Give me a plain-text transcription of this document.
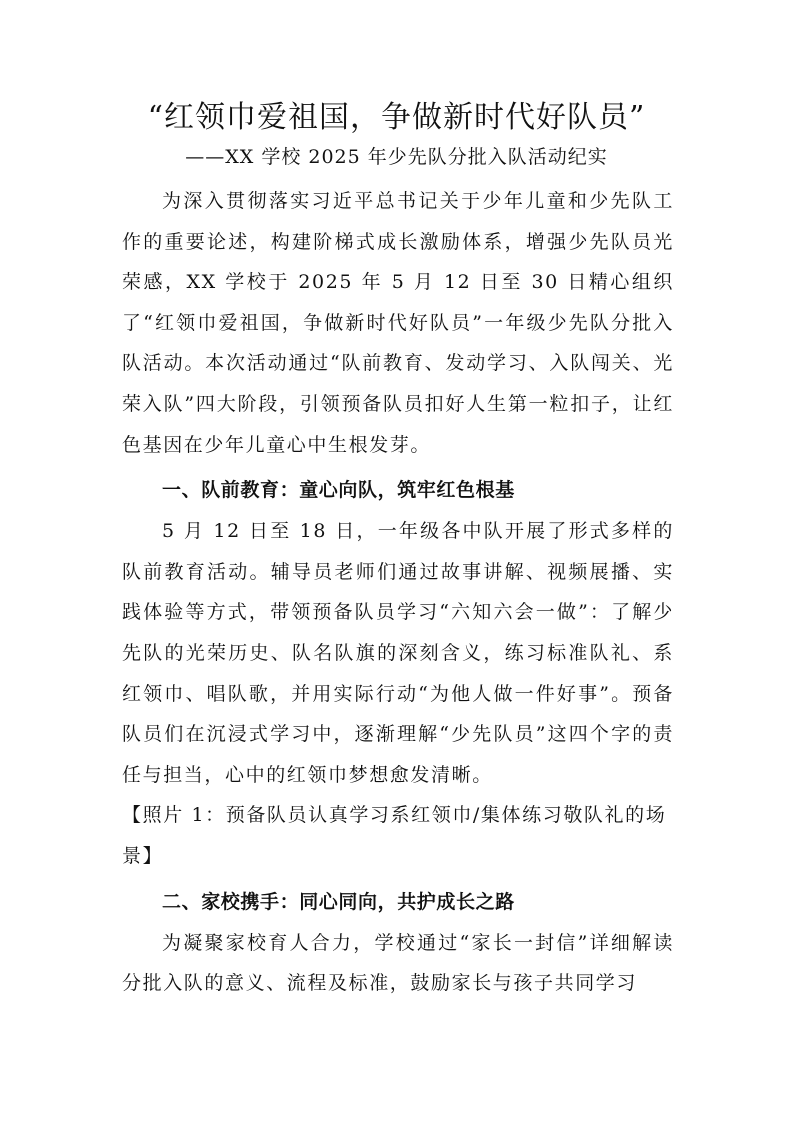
“红领巾爱祖国，争做新时代好队员”
——XX 学校 2025 年少先队分批入队活动纪实

为深入贯彻落实习近平总书记关于少年儿童和少先队工作的重要论述，构建阶梯式成长激励体系，增强少先队员光荣感，XX 学校于 2025 年 5 月 12 日至 30 日精心组织了“红领巾爱祖国，争做新时代好队员”一年级少先队分批入队活动。本次活动通过“队前教育、发动学习、入队闯关、光荣入队”四大阶段，引领预备队员扣好人生第一粒扣子，让红色基因在少年儿童心中生根发芽。

一、队前教育：童心向队，筑牢红色根基

5 月 12 日至 18 日，一年级各中队开展了形式多样的队前教育活动。辅导员老师们通过故事讲解、视频展播、实践体验等方式，带领预备队员学习“六知六会一做”：了解少先队的光荣历史、队名队旗的深刻含义，练习标准队礼、系红领巾、唱队歌，并用实际行动“为他人做一件好事”。预备队员们在沉浸式学习中，逐渐理解“少先队员”这四个字的责任与担当，心中的红领巾梦想愈发清晰。

【照片 1：预备队员认真学习系红领巾/集体练习敬队礼的场景】

二、家校携手：同心同向，共护成长之路

为凝聚家校育人合力，学校通过“家长一封信”详细解读分批入队的意义、流程及标准，鼓励家长与孩子共同学习
